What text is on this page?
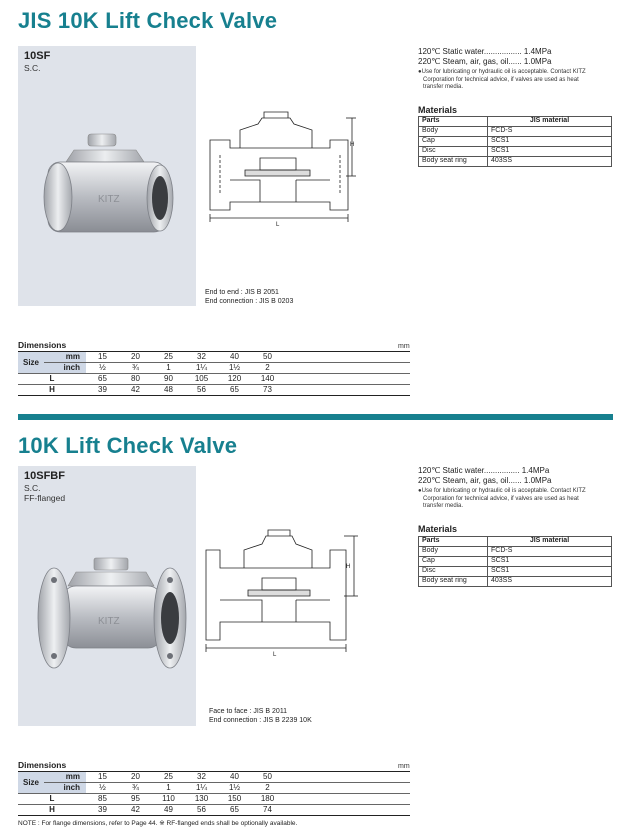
JIS 10K Lift Check Valve
10SF
S.C.
KITZ
H
L
End to end : JIS B 2051
End connection : JIS B 0203
120℃ Static water................. 1.4MPa
220℃ Steam, air, gas, oil...... 1.0MPa
●Use for lubricating or hydraulic oil is acceptable. Contact KITZ
Corporation for technical advice, if valves are used as heat
transfer media.
Materials
Parts	JIS material
Body	FCD-S
Cap	SCS1
Disc	SCS1
Body seat ring	403SS
Dimensions	mm
Size	mm	15	20	25	32	40	50	
	inch	½	¾	1	1¼	1½	2	
L		65	80	90	105	120	140	
H		39	42	48	56	65	73	
10K Lift Check Valve
10SFBF
S.C.
FF-flanged
KITZ
H
L
Face to face : JIS B 2011
End connection : JIS B 2239 10K
120℃ Static water................ 1.4MPa
220℃ Steam, air, gas, oil...... 1.0MPa
●Use for lubricating or hydraulic oil is acceptable. Contact KITZ
Corporation for technical advice, if valves are used as heat
transfer media.
Materials
Parts	JIS material
Body	FCD-S
Cap	SCS1
Disc	SCS1
Body seat ring	403SS
Dimensions	mm
Size	mm	15	20	25	32	40	50	
	inch	½	¾	1	1¼	1½	2	
L		85	95	110	130	150	180	
H		39	42	49	56	65	74	
NOTE : For flange dimensions, refer to Page 44. ※ RF-flanged ends shall be optionally available.
